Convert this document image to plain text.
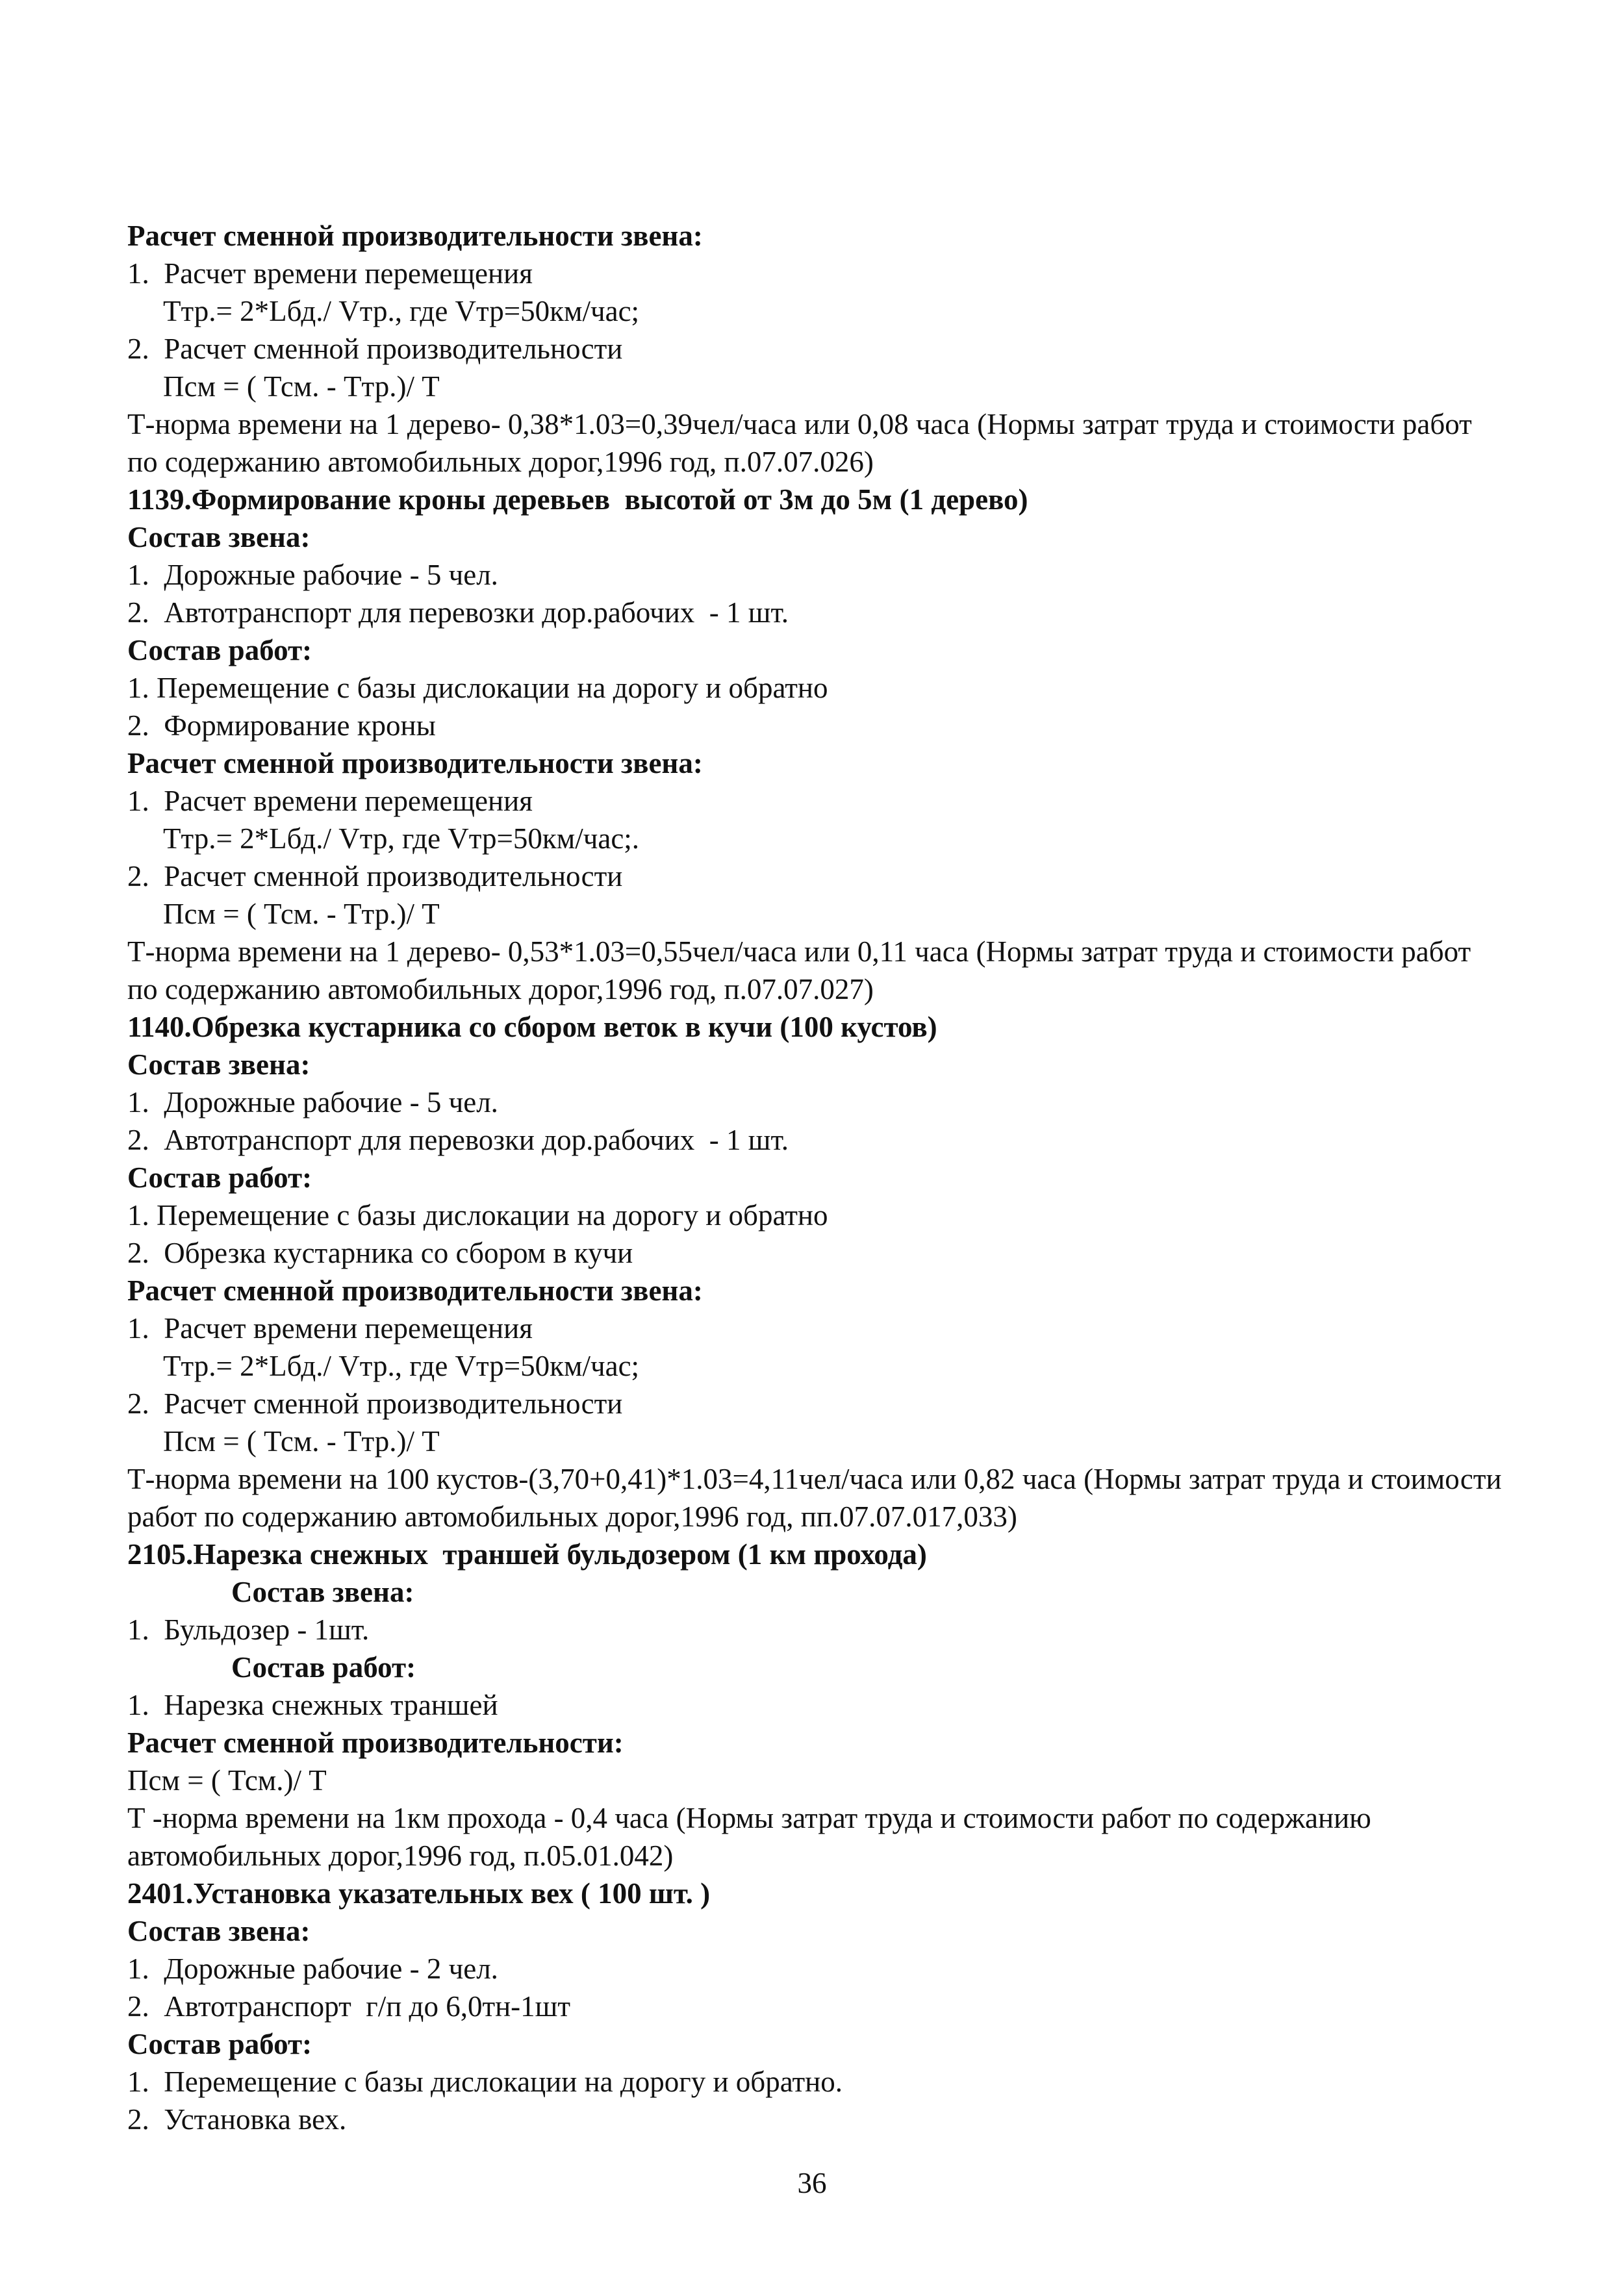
Расчет сменной производительности звена:
1.  Расчет времени перемещения
Ттр.= 2*Lбд./ Vтр., где Vтр=50км/час;
2.  Расчет сменной производительности
Псм = ( Тсм. - Ттр.)/ Т
Т-норма времени на 1 дерево- 0,38*1.03=0,39чел/часа или 0,08 часа (Нормы затрат труда и стоимости работ по содержанию автомобильных дорог,1996 год, п.07.07.026)
1139.Формирование кроны деревьев  высотой от 3м до 5м (1 дерево)
Состав звена:
1.  Дорожные рабочие - 5 чел.
2.  Автотранспорт для перевозки дор.рабочих  - 1 шт.
Состав работ:
1. Перемещение с базы дислокации на дорогу и обратно
2.  Формирование кроны
Расчет сменной производительности звена:
1.  Расчет времени перемещения
Ттр.= 2*Lбд./ Vтр, где Vтр=50км/час;.
2.  Расчет сменной производительности
Псм = ( Тсм. - Ттр.)/ Т
Т-норма времени на 1 дерево- 0,53*1.03=0,55чел/часа или 0,11 часа (Нормы затрат труда и стоимости работ по содержанию автомобильных дорог,1996 год, п.07.07.027)
1140.Обрезка кустарника со сбором веток в кучи (100 кустов)
Состав звена:
1.  Дорожные рабочие - 5 чел.
2.  Автотранспорт для перевозки дор.рабочих  - 1 шт.
Состав работ:
1. Перемещение с базы дислокации на дорогу и обратно
2.  Обрезка кустарника со сбором в кучи
Расчет сменной производительности звена:
1.  Расчет времени перемещения
Ттр.= 2*Lбд./ Vтр., где Vтр=50км/час;
2.  Расчет сменной производительности
Псм = ( Тсм. - Ттр.)/ Т
Т-норма времени на 100 кустов-(3,70+0,41)*1.03=4,11чел/часа или 0,82 часа (Нормы затрат труда и стоимости работ по содержанию автомобильных дорог,1996 год, пп.07.07.017,033)
2105.Нарезка снежных  траншей бульдозером (1 км прохода)
Состав звена:
1.  Бульдозер - 1шт.
Состав работ:
1.  Нарезка снежных траншей
Расчет сменной производительности:
Псм = ( Тсм.)/ Т
Т -норма времени на 1км прохода - 0,4 часа (Нормы затрат труда и стоимости работ по содержанию автомобильных дорог,1996 год, п.05.01.042)
2401.Установка указательных вех ( 100 шт. )
Состав звена:
1.  Дорожные рабочие - 2 чел.
2.  Автотранспорт  г/п до 6,0тн-1шт
Состав работ:
1.  Перемещение с базы дислокации на дорогу и обратно.
2.  Установка вех.
36
